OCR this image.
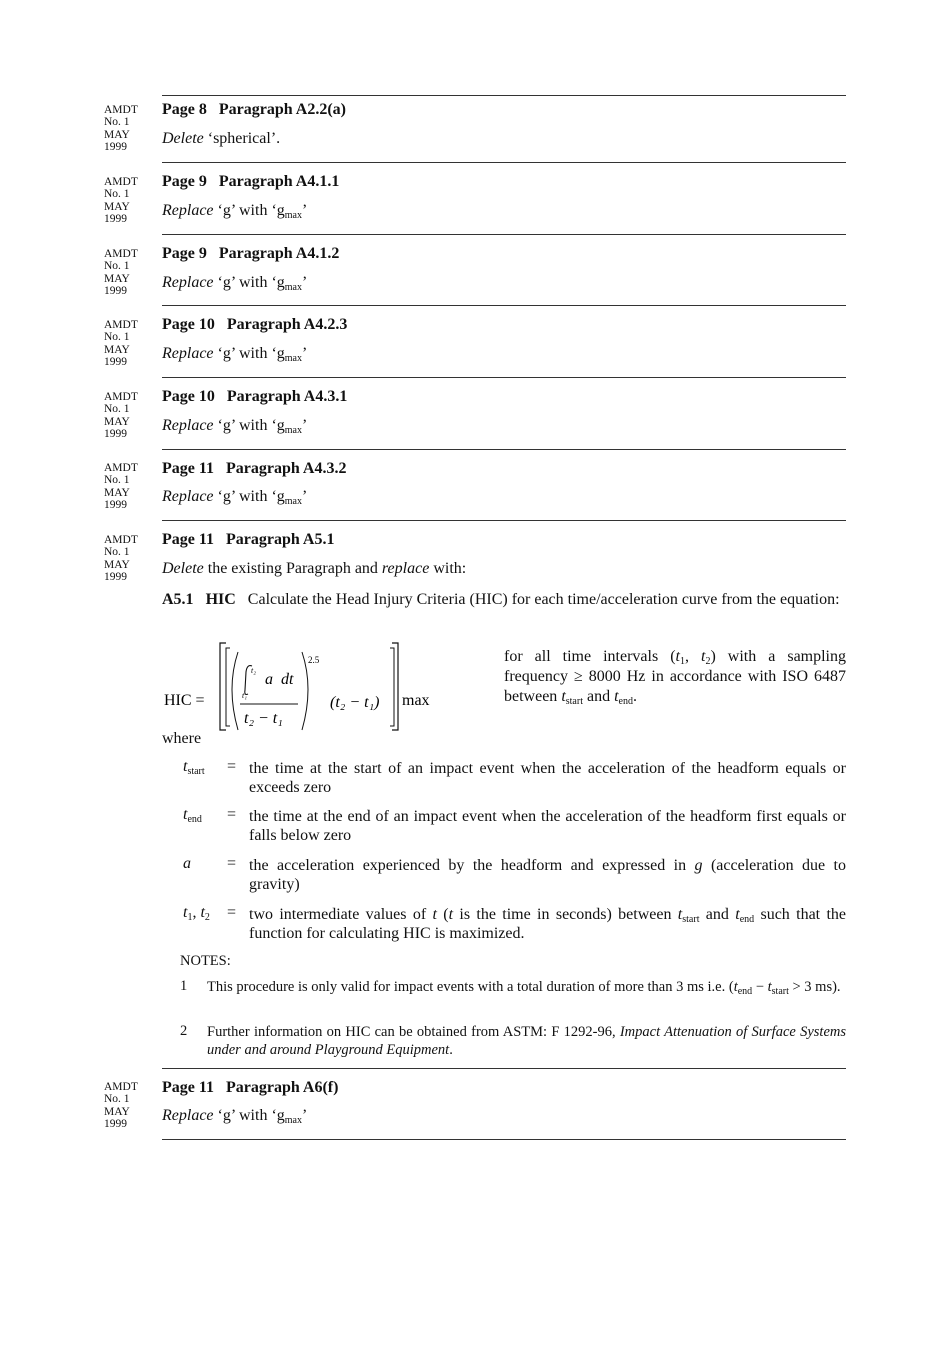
AMDT
No. 1
MAY
1999
Page 8 Paragraph A2.2(a)
Delete ‘spherical’.
AMDT
No. 1
MAY
1999
Page 9 Paragraph A4.1.1
Replace ‘g’ with ‘$g_{max}$’
AMDT
No. 1
MAY
1999
Page 9 Paragraph A4.1.2
Replace ‘g’ with ‘$g_{max}$’
AMDT
No. 1
MAY
1999
Page 10 Paragraph A4.2.3
Replace ‘g’ with ‘$g_{max}$’
AMDT
No. 1
MAY
1999
Page 10 Paragraph A4.3.1
Replace ‘g’ with ‘$g_{max}$’
AMDT
No. 1
MAY
1999
Page 11 Paragraph A4.3.2
Replace ‘g’ with ‘$g_{max}$’
AMDT
No. 1
MAY
1999
Page 11 Paragraph A5.1
Delete the existing Paragraph and replace with:
A5.1 HIC Calculate the Head Injury Criteria (HIC) for each time/acceleration curve from the equation:
HIC =
t₂
t₁
a  dt
t₂ − t₁
2.5
(t₂ − t₁) max
for all time intervals ($t_1$, $t_2$) with a sampling frequency ≥ 8000 Hz in accordance with ISO 6487 between $t_{start}$ and $t_{end}$.
where
$t_{start}$ = the time at the start of an impact event when the acceleration of the headform equals or exceeds zero
$t_{end}$ = the time at the end of an impact event when the acceleration of the headform first equals or falls below zero
a = the acceleration experienced by the headform and expressed in g (acceleration due to gravity)
$t_1$, $t_2$ = two intermediate values of t (t is the time in seconds) between $t_{start}$ and $t_{end}$ such that the function for calculating HIC is maximized.
NOTES:
1 This procedure is only valid for impact events with a total duration of more than 3 ms i.e. ($t_{end} - t_{start} > 3$ ms).
2 Further information on HIC can be obtained from ASTM: F 1292-96, Impact Attenuation of Surface Systems under and around Playground Equipment.
AMDT
No. 1
MAY
1999
Page 11 Paragraph A6(f)
Replace ‘g’ with ‘$g_{max}$’
